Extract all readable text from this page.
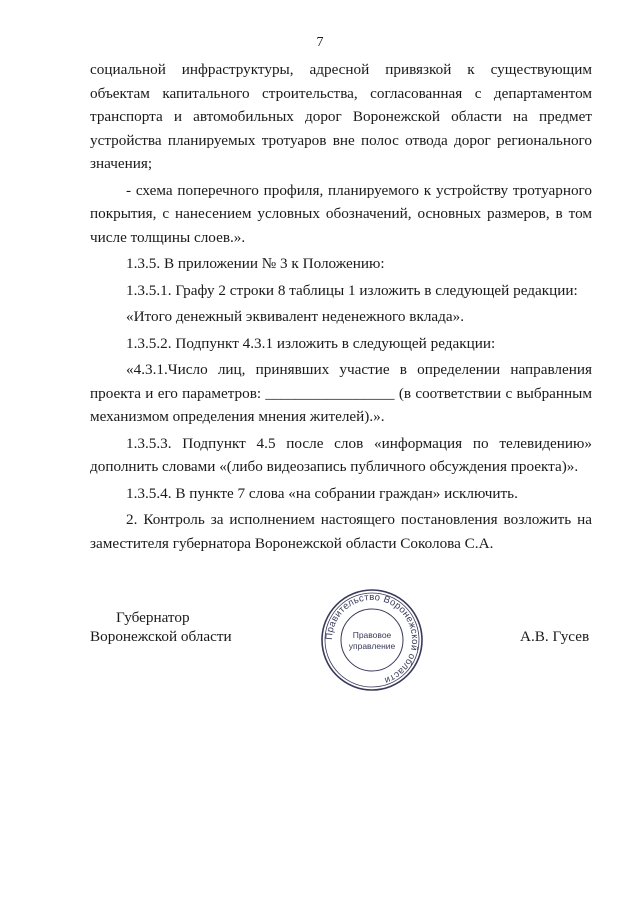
7

социальной инфраструктуры, адресной привязкой к существующим объектам капитального строительства, согласованная с департаментом транспорта и автомобильных дорог Воронежской области на предмет устройства планируемых тротуаров вне полос отвода дорог регионального значения;

- схема поперечного профиля, планируемого к устройству тротуарного покрытия, с нанесением условных обозначений, основных размеров, в том числе толщины слоев.».

1.3.5. В приложении № 3 к Положению:

1.3.5.1. Графу 2 строки 8 таблицы 1 изложить в следующей редакции:

«Итого денежный эквивалент неденежного вклада».

1.3.5.2. Подпункт 4.3.1 изложить в следующей редакции:

«4.3.1.Число лиц, принявших участие в определении направления проекта и его параметров: _________________ (в соответствии с выбранным механизмом определения мнения жителей).».

1.3.5.3. Подпункт 4.5 после слов «информация по телевидению» дополнить словами «(либо видеозапись публичного обсуждения проекта)».

1.3.5.4. В пункте 7 слова «на собрании граждан» исключить.

2. Контроль за исполнением настоящего постановления возложить на заместителя губернатора Воронежской области Соколова С.А.

Губернатор
Воронежской области	Правительство Воронежской области
Правовое
управление
А.В. Гусев
